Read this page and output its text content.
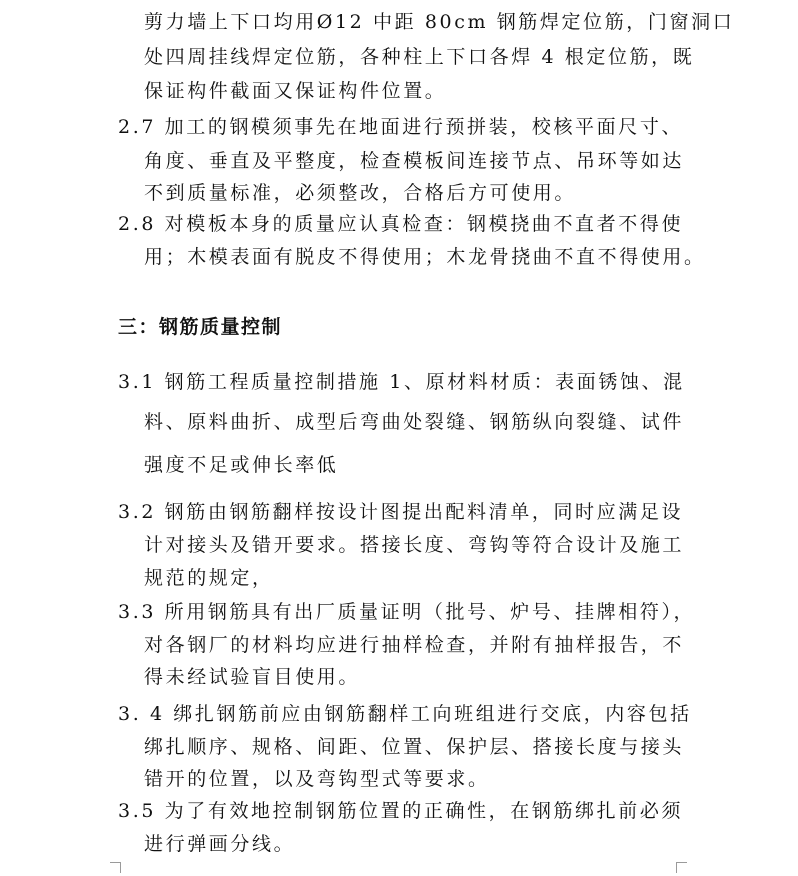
剪力墙上下口均用Ø12 中距 80cm 钢筋焊定位筋，门窗洞口
处四周挂线焊定位筋，各种柱上下口各焊 4 根定位筋，既
保证构件截面又保证构件位置。
2.7 加工的钢模须事先在地面进行预拼装，校核平面尺寸、
角度、垂直及平整度，检查模板间连接节点、吊环等如达
不到质量标准，必须整改，合格后方可使用。
2.8 对模板本身的质量应认真检查：钢模挠曲不直者不得使
用；木模表面有脱皮不得使用；木龙骨挠曲不直不得使用。
三：钢筋质量控制
3.1 钢筋工程质量控制措施 1、原材料材质：表面锈蚀、混
料、原料曲折、成型后弯曲处裂缝、钢筋纵向裂缝、试件
强度不足或伸长率低
3.2 钢筋由钢筋翻样按设计图提出配料清单，同时应满足设
计对接头及错开要求。搭接长度、弯钩等符合设计及施工
规范的规定，
3.3 所用钢筋具有出厂质量证明（批号、炉号、挂牌相符），
对各钢厂的材料均应进行抽样检查，并附有抽样报告，不
得未经试验盲目使用。
3. 4 绑扎钢筋前应由钢筋翻样工向班组进行交底，内容包括
绑扎顺序、规格、间距、位置、保护层、搭接长度与接头
错开的位置，以及弯钩型式等要求。
3.5 为了有效地控制钢筋位置的正确性，在钢筋绑扎前必须
进行弹画分线。
